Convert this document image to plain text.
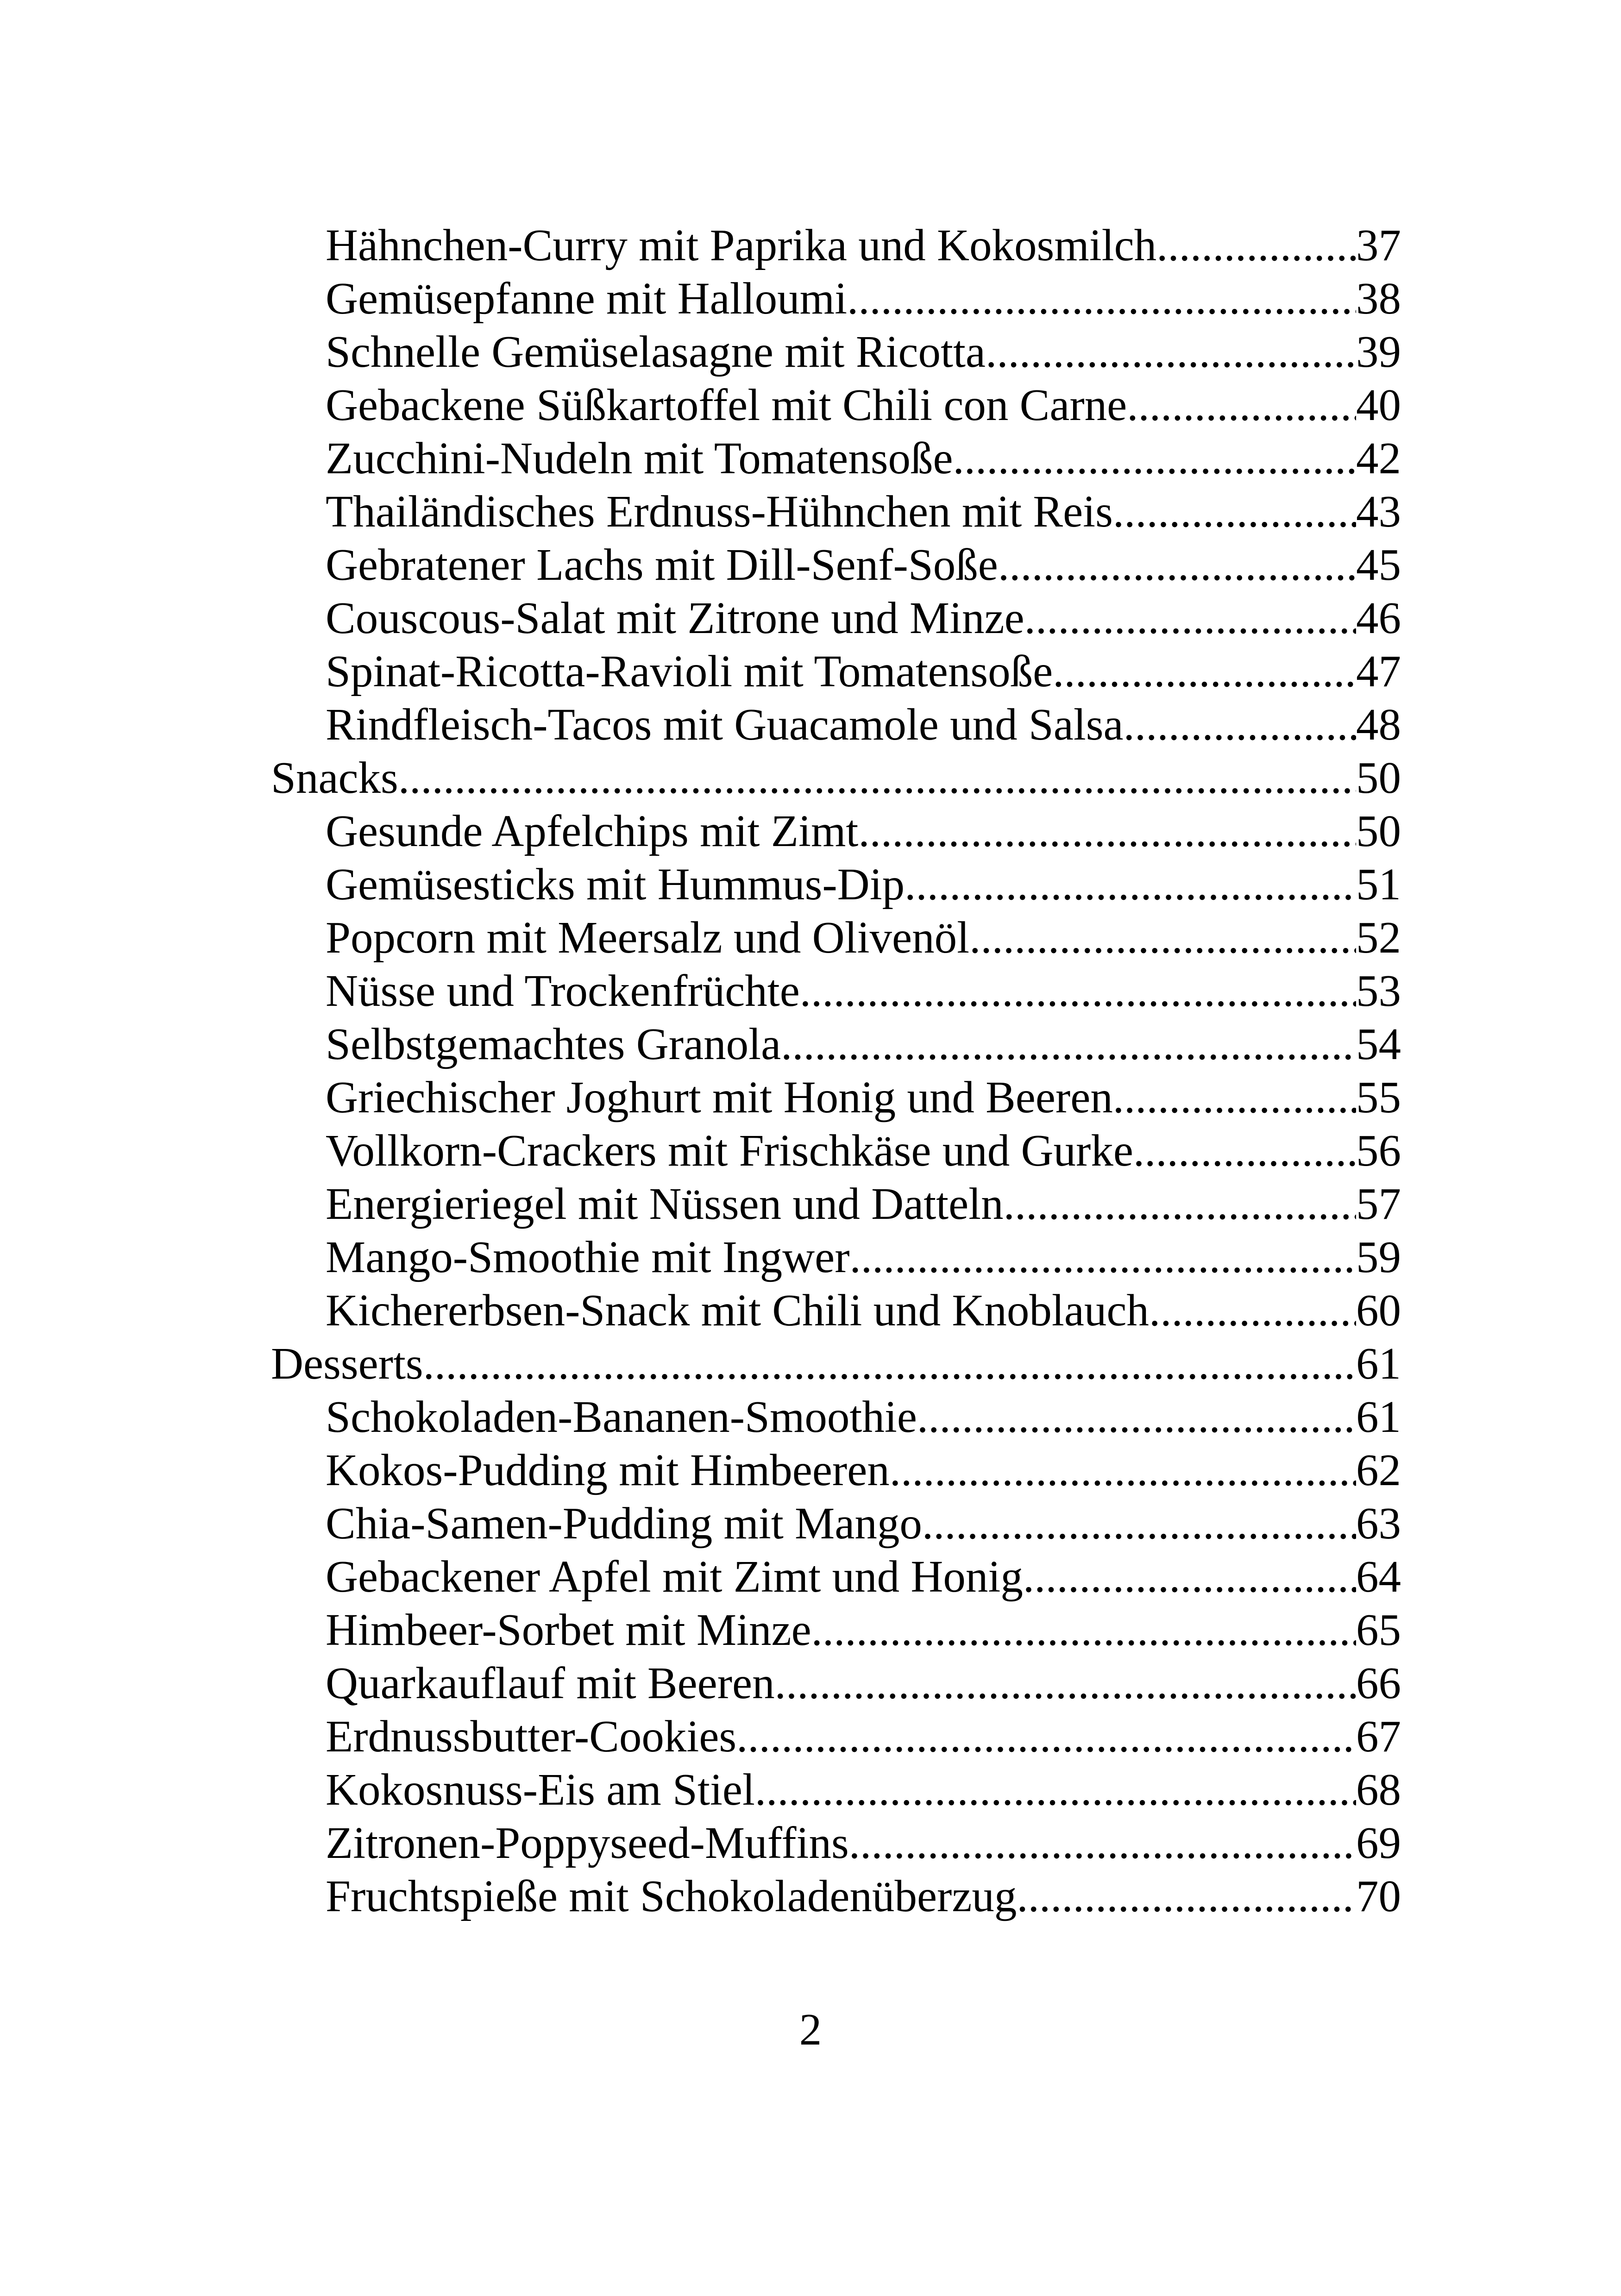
Hähnchen-Curry mit Paprika und Kokosmilch .....	37
Gemüsepfanne mit Halloumi .....	38
Schnelle Gemüselasagne mit Ricotta .....	39
Gebackene Süßkartoffel mit Chili con Carne .....	40
Zucchini-Nudeln mit Tomatensoße .....	42
Thailändisches Erdnuss-Hühnchen mit Reis .....	43
Gebratener Lachs mit Dill-Senf-Soße .....	45
Couscous-Salat mit Zitrone und Minze .....	46
Spinat-Ricotta-Ravioli mit Tomatensoße .....	47
Rindfleisch-Tacos mit Guacamole und Salsa .....	48
Snacks .....	50
Gesunde Apfelchips mit Zimt .....	50
Gemüsesticks mit Hummus-Dip .....	51
Popcorn mit Meersalz und Olivenöl .....	52
Nüsse und Trockenfrüchte .....	53
Selbstgemachtes Granola .....	54
Griechischer Joghurt mit Honig und Beeren .....	55
Vollkorn-Crackers mit Frischkäse und Gurke .....	56
Energieriegel mit Nüssen und Datteln .....	57
Mango-Smoothie mit Ingwer .....	59
Kichererbsen-Snack mit Chili und Knoblauch .....	60
Desserts .....	61
Schokoladen-Bananen-Smoothie .....	61
Kokos-Pudding mit Himbeeren .....	62
Chia-Samen-Pudding mit Mango .....	63
Gebackener Apfel mit Zimt und Honig .....	64
Himbeer-Sorbet mit Minze .....	65
Quarkauflauf mit Beeren .....	66
Erdnussbutter-Cookies .....	67
Kokosnuss-Eis am Stiel .....	68
Zitronen-Poppyseed-Muffins .....	69
Fruchtspieße mit Schokoladenüberzug .....	70
2
